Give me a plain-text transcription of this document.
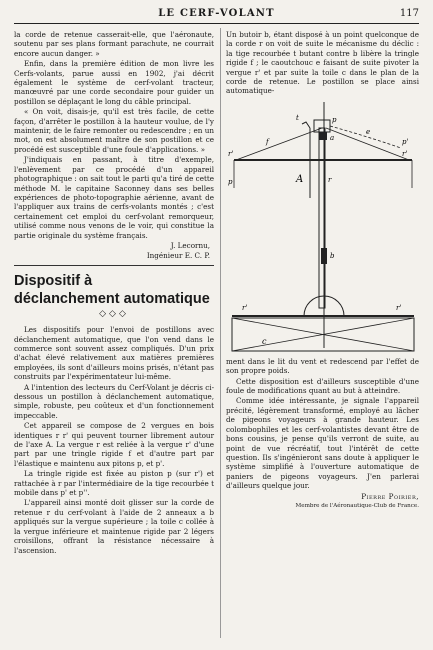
LE CERF-VOLANT	117

la corde de retenue casserait-elle, que l'aéronaute, soutenu par ses plans formant parachute, ne courrait encore aucun danger. »

Enfin, dans la première édition de mon livre les Cerfs-volants, parue aussi en 1902, j'ai décrit également le système de cerf-volant tracteur, manœuvré par une corde secondaire pour guider un postillon se déplaçant le long du câble principal.

« On voit, disais-je, qu'il est très facile, de cette façon, d'arrêter le postillon à la hauteur voulue, de l'y maintenir, de le faire remonter ou redescendre ; en un mot, on est absolument maître de son postillon et ce procédé est susceptible d'une foule d'applications. »

J'indiquais en passant, à titre d'exemple, l'enlèvement par ce procédé d'un appareil photographique : on sait tout le parti qu'a tiré de cette méthode M. le capitaine Saconney dans ses belles expériences de photo-topographie aérienne, avant de l'appliquer aux trains de cerfs-volants montés ; c'est certainement cet emploi du cerf-volant remorqueur, utilisé comme nous venons de le voir, qui constitue la partie originale du système français.

J. Lecornu,

Ingénieur E. C. P.

Dispositif à
déclanchement automatique
◇◇◇

Les dispositifs pour l'envoi de postillons avec déclanchement automatique, que l'on vend dans le commerce sont souvent assez compliqués. D'un prix d'achat élevé relativement aux matières premières employées, ils sont d'ailleurs moins prisés, n'étant pas construits par l'expérimentateur lui-même.

A l'intention des lecteurs du Cerf-Volant je décris ci-dessous un postillon à déclanchement automatique, simple, robuste, peu coûteux et d'un fonctionnement impeccable.

Cet appareil se compose de 2 vergues en bois identiques r r' qui peuvent tourner librement autour de l'axe A. La vergue r est reliée à la vergue r' d'une part par une tringle rigide f et d'autre part par l'élastique e maintenu aux pitons p, et p'.

La tringle rigide est fixée au piston p (sur r') et rattachée à r par l'intermédiaire de la tige recourbée t mobile dans p' et p''.

L'appareil ainsi monté doit glisser sur la corde de retenue r du cerf-volant à l'aide de 2 anneaux a b appliqués sur la vergue supérieure ; la toile c collée à la vergue inférieure et maintenue rigide par 2 légers croisillons, offrant la résistance nécessaire à l'ascension.

Un butoir b, étant disposé à un point quelconque de la corde r on voit de suite le mécanisme du déclic : la tige recourbée t butant contre b libère la tringle rigide f ; le caoutchouc e faisant de suite pivoter la vergue r' et par suite la toile c dans le plan de la corde de retenue. Le postillon se place ainsi automatique-

p
p'
a
f
e
t
r'	r'
A	r
b
r'	r'
c
p

ment dans le lit du vent et redescend par l'effet de son propre poids.

Cette disposition est d'ailleurs susceptible d'une foule de modifications quant au but à atteindre.

Comme idée intéressante, je signale l'appareil précité, légèrement transformé, employé au lâcher de pigeons voyageurs à grande hauteur. Les colombophiles et les cerf-volantistes devant être de bons cousins, je pense qu'ils verront de suite, au point de vue récréatif, tout l'intérêt de cette question. Ils s'ingénieront sans doute à appliquer le système simplifié à l'ouverture automatique de paniers de pigeons voyageurs. J'en parlerai d'ailleurs quelque jour.

Pierre Poirier,

Membre de l'Aéronautique-Club de France.
